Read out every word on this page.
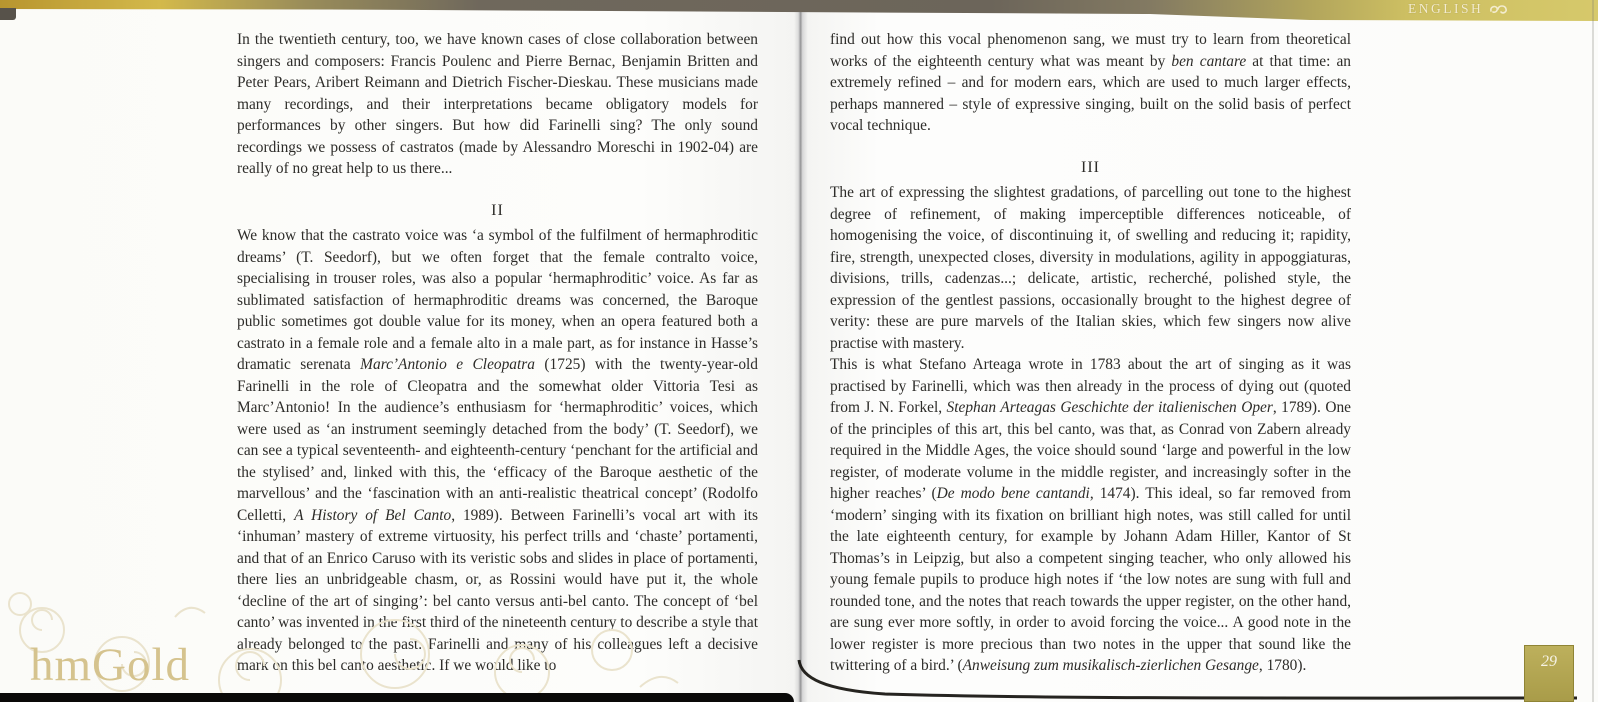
ENGLISH

In the twentieth century, too, we have known cases of close collaboration between singers and composers: Francis Poulenc and Pierre Bernac, Benjamin Britten and Peter Pears, Aribert Reimann and Dietrich Fischer-Dieskau. These musicians made many recordings, and their interpretations became obligatory models for performances by other singers. But how did Farinelli sing? The only sound recordings we possess of castratos (made by Alessandro Moreschi in 1902-04) are really of no great help to us there...

II

We know that the castrato voice was ‘a symbol of the fulfilment of hermaphroditic dreams’ (T. Seedorf), but we often forget that the female contralto voice, specialising in trouser roles, was also a popular ‘hermaphroditic’ voice. As far as sublimated satisfaction of hermaphroditic dreams was concerned, the Baroque public sometimes got double value for its money, when an opera featured both a castrato in a female role and a female alto in a male part, as for instance in Hasse’s dramatic serenata Marc’Antonio e Cleopatra (1725) with the twenty-year-old Farinelli in the role of Cleopatra and the somewhat older Vittoria Tesi as Marc’Antonio! In the audience’s enthusiasm for ‘hermaphroditic’ voices, which were used as ‘an instrument seemingly detached from the body’ (T. Seedorf), we can see a typical seventeenth- and eighteenth-century ‘penchant for the artificial and the stylised’ and, linked with this, the ‘efficacy of the Baroque aesthetic of the marvellous’ and the ‘fascination with an anti-realistic theatrical concept’ (Rodolfo Celletti, A History of Bel Canto, 1989). Between Farinelli’s vocal art with its ‘inhuman’ mastery of extreme virtuosity, his perfect trills and ‘chaste’ portamenti, and that of an Enrico Caruso with its veristic sobs and slides in place of portamenti, there lies an unbridgeable chasm, or, as Rossini would have put it, the whole ‘decline of the art of singing’: bel canto versus anti-bel canto. The concept of ‘bel canto’ was invented in the first third of the nineteenth century to describe a style that already belonged to the past. Farinelli and many of his colleagues left a decisive mark on this bel canto aesthetic. If we would like to

find out how this vocal phenomenon sang, we must try to learn from theoretical works of the eighteenth century what was meant by ben cantare at that time: an extremely refined – and for modern ears, which are used to much larger effects, perhaps mannered – style of expressive singing, built on the solid basis of perfect vocal technique.

III

The art of expressing the slightest gradations, of parcelling out tone to the highest degree of refinement, of making imperceptible differences noticeable, of homogenising the voice, of discontinuing it, of swelling and reducing it; rapidity, fire, strength, unexpected closes, diversity in modulations, agility in appoggiaturas, divisions, trills, cadenzas...; delicate, artistic, recherché, polished style, the expression of the gentlest passions, occasionally brought to the highest degree of verity: these are pure marvels of the Italian skies, which few singers now alive practise with mastery.

This is what Stefano Arteaga wrote in 1783 about the art of singing as it was practised by Farinelli, which was then already in the process of dying out (quoted from J. N. Forkel, Stephan Arteagas Geschichte der italienischen Oper, 1789). One of the principles of this art, this bel canto, was that, as Conrad von Zabern already required in the Middle Ages, the voice should sound ‘large and powerful in the low register, of moderate volume in the middle register, and increasingly softer in the higher reaches’ (De modo bene cantandi, 1474). This ideal, so far removed from ‘modern’ singing with its fixation on brilliant high notes, was still called for until the late eighteenth century, for example by Johann Adam Hiller, Kantor of St Thomas’s in Leipzig, but also a competent singing teacher, who only allowed his young female pupils to produce high notes if ‘the low notes are sung with full and rounded tone, and the notes that reach towards the upper register, on the other hand, are sung ever more softly, in order to avoid forcing the voice... A good note in the lower register is more precious than two notes in the upper that sound like the twittering of a bird.’ (Anweisung zum musikalisch-zierlichen Gesange, 1780).

hmGold	29
